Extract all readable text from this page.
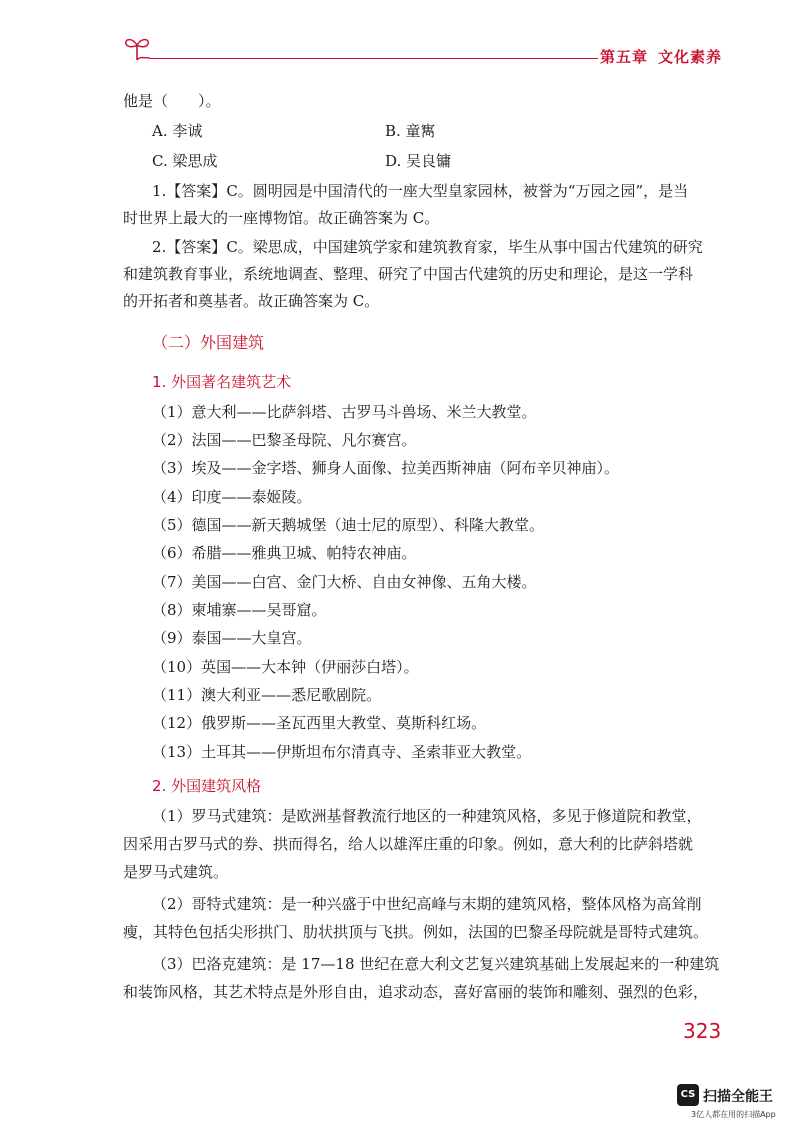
第五章 文化素养
他是（　　）。
A. 李诚	B. 童寯
C. 梁思成	D. 吴良镛
1.【答案】C。圆明园是中国清代的一座大型皇家园林，被誉为“万园之园”，是当
时世界上最大的一座博物馆。故正确答案为 C。
2.【答案】C。梁思成，中国建筑学家和建筑教育家，毕生从事中国古代建筑的研究
和建筑教育事业，系统地调查、整理、研究了中国古代建筑的历史和理论，是这一学科
的开拓者和奠基者。故正确答案为 C。
（二）外国建筑
1. 外国著名建筑艺术
（1）意大利——比萨斜塔、古罗马斗兽场、米兰大教堂。
（2）法国——巴黎圣母院、凡尔赛宫。
（3）埃及——金字塔、狮身人面像、拉美西斯神庙（阿布辛贝神庙）。
（4）印度——泰姬陵。
（5）德国——新天鹅城堡（迪士尼的原型）、科隆大教堂。
（6）希腊——雅典卫城、帕特农神庙。
（7）美国——白宫、金门大桥、自由女神像、五角大楼。
（8）柬埔寨——吴哥窟。
（9）泰国——大皇宫。
（10）英国——大本钟（伊丽莎白塔）。
（11）澳大利亚——悉尼歌剧院。
（12）俄罗斯——圣瓦西里大教堂、莫斯科红场。
（13）土耳其——伊斯坦布尔清真寺、圣索菲亚大教堂。
2. 外国建筑风格
（1）罗马式建筑：是欧洲基督教流行地区的一种建筑风格，多见于修道院和教堂，
因采用古罗马式的券、拱而得名，给人以雄浑庄重的印象。例如，意大利的比萨斜塔就
是罗马式建筑。
（2）哥特式建筑：是一种兴盛于中世纪高峰与末期的建筑风格，整体风格为高耸削
瘦，其特色包括尖形拱门、肋状拱顶与飞拱。例如，法国的巴黎圣母院就是哥特式建筑。
（3）巴洛克建筑：是 17—18 世纪在意大利文艺复兴建筑基础上发展起来的一种建筑
和装饰风格，其艺术特点是外形自由，追求动态，喜好富丽的装饰和雕刻、强烈的色彩，
323
CS 扫描全能王
3亿人都在用的扫描App
